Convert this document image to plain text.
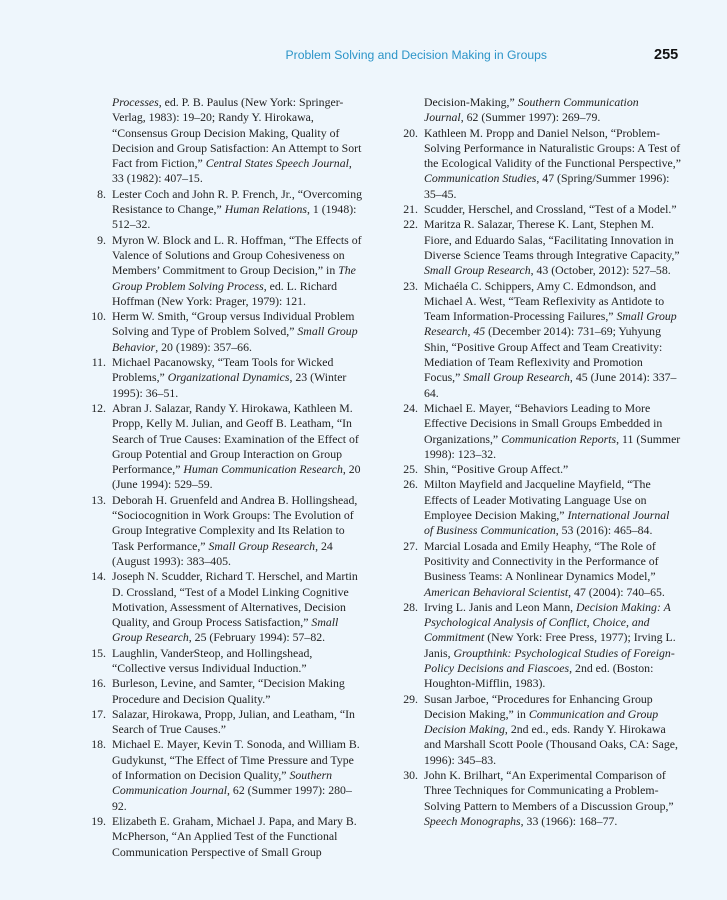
Problem Solving and Decision Making in Groups	255
Processes, ed. P. B. Paulus (New York: Springer-Verlag, 1983): 19–20; Randy Y. Hirokawa, “Consensus Group Decision Making, Quality of Decision and Group Satisfaction: An Attempt to Sort Fact from Fiction,” Central States Speech Journal, 33 (1982): 407–15.
8. Lester Coch and John R. P. French, Jr., “Overcoming Resistance to Change,” Human Relations, 1 (1948): 512–32.
9. Myron W. Block and L. R. Hoffman, “The Effects of Valence of Solutions and Group Cohesiveness on Members’ Commitment to Group Decision,” in The Group Problem Solving Process, ed. L. Richard Hoffman (New York: Prager, 1979): 121.
10. Herm W. Smith, “Group versus Individual Problem Solving and Type of Problem Solved,” Small Group Behavior, 20 (1989): 357–66.
11. Michael Pacanowsky, “Team Tools for Wicked Problems,” Organizational Dynamics, 23 (Winter 1995): 36–51.
12. Abran J. Salazar, Randy Y. Hirokawa, Kathleen M. Propp, Kelly M. Julian, and Geoff B. Leatham, “In Search of True Causes: Examination of the Effect of Group Potential and Group Interaction on Group Performance,” Human Communication Research, 20 (June 1994): 529–59.
13. Deborah H. Gruenfeld and Andrea B. Hollingshead, “Sociocognition in Work Groups: The Evolution of Group Integrative Complexity and Its Relation to Task Performance,” Small Group Research, 24 (August 1993): 383–405.
14. Joseph N. Scudder, Richard T. Herschel, and Martin D. Crossland, “Test of a Model Linking Cognitive Motivation, Assessment of Alternatives, Decision Quality, and Group Process Satisfaction,” Small Group Research, 25 (February 1994): 57–82.
15. Laughlin, VanderSteop, and Hollingshead, “Collective versus Individual Induction.”
16. Burleson, Levine, and Samter, “Decision Making Procedure and Decision Quality.”
17. Salazar, Hirokawa, Propp, Julian, and Leatham, “In Search of True Causes.”
18. Michael E. Mayer, Kevin T. Sonoda, and William B. Gudykunst, “The Effect of Time Pressure and Type of Information on Decision Quality,” Southern Communication Journal, 62 (Summer 1997): 280–92.
19. Elizabeth E. Graham, Michael J. Papa, and Mary B. McPherson, “An Applied Test of the Functional Communication Perspective of Small Group
Decision-Making,” Southern Communication Journal, 62 (Summer 1997): 269–79.
20. Kathleen M. Propp and Daniel Nelson, “Problem-Solving Performance in Naturalistic Groups: A Test of the Ecological Validity of the Functional Perspective,” Communication Studies, 47 (Spring/Summer 1996): 35–45.
21. Scudder, Herschel, and Crossland, “Test of a Model.”
22. Maritza R. Salazar, Therese K. Lant, Stephen M. Fiore, and Eduardo Salas, “Facilitating Innovation in Diverse Science Teams through Integrative Capacity,” Small Group Research, 43 (October, 2012): 527–58.
23. Michaéla C. Schippers, Amy C. Edmondson, and Michael A. West, “Team Reflexivity as Antidote to Team Information-Processing Failures,” Small Group Research, 45 (December 2014): 731–69; Yuhyung Shin, “Positive Group Affect and Team Creativity: Mediation of Team Reflexivity and Promotion Focus,” Small Group Research, 45 (June 2014): 337–64.
24. Michael E. Mayer, “Behaviors Leading to More Effective Decisions in Small Groups Embedded in Organizations,” Communication Reports, 11 (Summer 1998): 123–32.
25. Shin, “Positive Group Affect.”
26. Milton Mayfield and Jacqueline Mayfield, “The Effects of Leader Motivating Language Use on Employee Decision Making,” International Journal of Business Communication, 53 (2016): 465–84.
27. Marcial Losada and Emily Heaphy, “The Role of Positivity and Connectivity in the Performance of Business Teams: A Nonlinear Dynamics Model,” American Behavioral Scientist, 47 (2004): 740–65.
28. Irving L. Janis and Leon Mann, Decision Making: A Psychological Analysis of Conflict, Choice, and Commitment (New York: Free Press, 1977); Irving L. Janis, Groupthink: Psychological Studies of Foreign-Policy Decisions and Fiascoes, 2nd ed. (Boston: Houghton-Mifflin, 1983).
29. Susan Jarboe, “Procedures for Enhancing Group Decision Making,” in Communication and Group Decision Making, 2nd ed., eds. Randy Y. Hirokawa and Marshall Scott Poole (Thousand Oaks, CA: Sage, 1996): 345–83.
30. John K. Brilhart, “An Experimental Comparison of Three Techniques for Communicating a Problem-Solving Pattern to Members of a Discussion Group,” Speech Monographs, 33 (1966): 168–77.
